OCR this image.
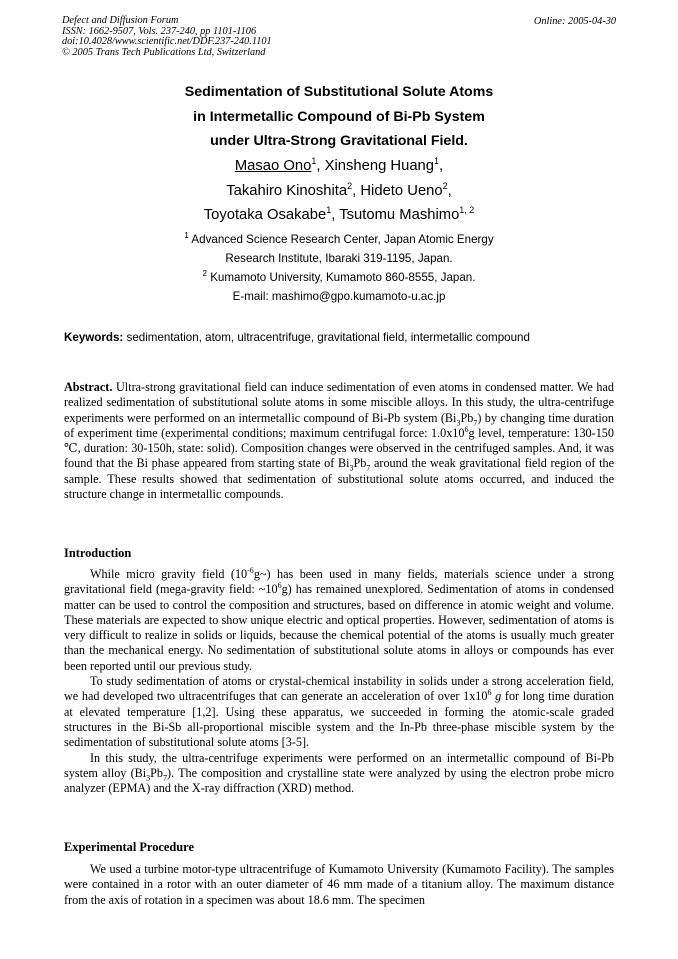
Defect and Diffusion Forum
ISSN: 1662-9507, Vols. 237-240, pp 1101-1106
doi:10.4028/www.scientific.net/DDF.237-240.1101
© 2005 Trans Tech Publications Ltd, Switzerland
Online: 2005-04-30
Sedimentation of Substitutional Solute Atoms
in Intermetallic Compound of Bi-Pb System
under Ultra-Strong Gravitational Field.
Masao Ono$^1$, Xinsheng Huang$^1$,
Takahiro Kinoshita$^2$, Hideto Ueno$^2$,
Toyotaka Osakabe$^1$, Tsutomu Mashimo$^{1, 2}$
$^1$ Advanced Science Research Center, Japan Atomic Energy
Research Institute, Ibaraki 319-1195, Japan.
$^2$ Kumamoto University, Kumamoto 860-8555, Japan.
E-mail: mashimo@gpo.kumamoto-u.ac.jp
Keywords: sedimentation, atom, ultracentrifuge, gravitational field, intermetallic compound

Abstract. Ultra-strong gravitational field can induce sedimentation of even atoms in condensed matter. We had realized sedimentation of substitutional solute atoms in some miscible alloys. In this study, the ultra-centrifuge experiments were performed on an intermetallic compound of Bi-Pb system $(Bi_3Pb_7)$ by changing time duration of experiment time (experimental conditions; maximum centrifugal force: $1.0x10^6g$ level, temperature: 130-150 ℃, duration: 30-150h, state: solid). Composition changes were observed in the centrifuged samples. And, it was found that the Bi phase appeared from starting state of $Bi_3Pb_7$ around the weak gravitational field region of the sample. These results showed that sedimentation of substitutional solute atoms occurred, and induced the structure change in intermetallic compounds.

Introduction

While micro gravity field $(10^{-6}g\sim)$ has been used in many fields, materials science under a strong gravitational field (mega-gravity field: $\sim 10^6g$) has remained unexplored. Sedimentation of atoms in condensed matter can be used to control the composition and structures, based on difference in atomic weight and volume. These materials are expected to show unique electric and optical properties. However, sedimentation of atoms is very difficult to realize in solids or liquids, because the chemical potential of the atoms is usually much greater than the mechanical energy. No sedimentation of substitutional solute atoms in alloys or compounds has ever been reported until our previous study.

To study sedimentation of atoms or crystal-chemical instability in solids under a strong acceleration field, we had developed two ultracentrifuges that can generate an acceleration of over $1x10^6$ g for long time duration at elevated temperature [1,2]. Using these apparatus, we succeeded in forming the atomic-scale graded structures in the Bi-Sb all-proportional miscible system and the In-Pb three-phase miscible system by the sedimentation of substitutional solute atoms [3-5].

In this study, the ultra-centrifuge experiments were performed on an intermetallic compound of Bi-Pb system alloy $(Bi_3Pb_7)$. The composition and crystalline state were analyzed by using the electron probe micro analyzer (EPMA) and the X-ray diffraction (XRD) method.

Experimental Procedure

We used a turbine motor-type ultracentrifuge of Kumamoto University (Kumamoto Facility). The samples were contained in a rotor with an outer diameter of 46 mm made of a titanium alloy. The maximum distance from the axis of rotation in a specimen was about 18.6 mm. The specimen
